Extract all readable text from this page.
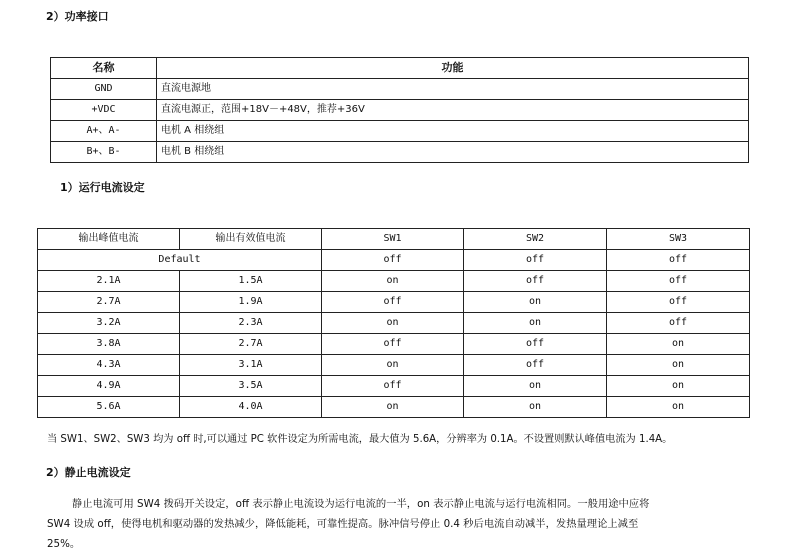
2）功率接口
名称	功能
GND	直流电源地
+VDC	直流电源正，范围+18V－+48V，推荐+36V
A+、A-	电机 A 相绕组
B+、B-	电机 B 相绕组
1）运行电流设定
输出峰值电流	输出有效值电流	SW1	SW2	SW3
Default		off	off	off
2.1A	1.5A	on	off	off
2.7A	1.9A	off	on	off
3.2A	2.3A	on	on	off
3.8A	2.7A	off	off	on
4.3A	3.1A	on	off	on
4.9A	3.5A	off	on	on
5.6A	4.0A	on	on	on
当 SW1、SW2、SW3 均为 off 时,可以通过 PC 软件设定为所需电流，最大值为 5.6A，分辨率为 0.1A。不设置则默认峰值电流为 1.4A。
2）静止电流设定
静止电流可用 SW4 拨码开关设定，off 表示静止电流设为运行电流的一半，on 表示静止电流与运行电流相同。一般用途中应将
SW4 设成 off，使得电机和驱动器的发热减少，降低能耗，可靠性提高。脉冲信号停止 0.4 秒后电流自动减半，发热量理论上减至
25%。
